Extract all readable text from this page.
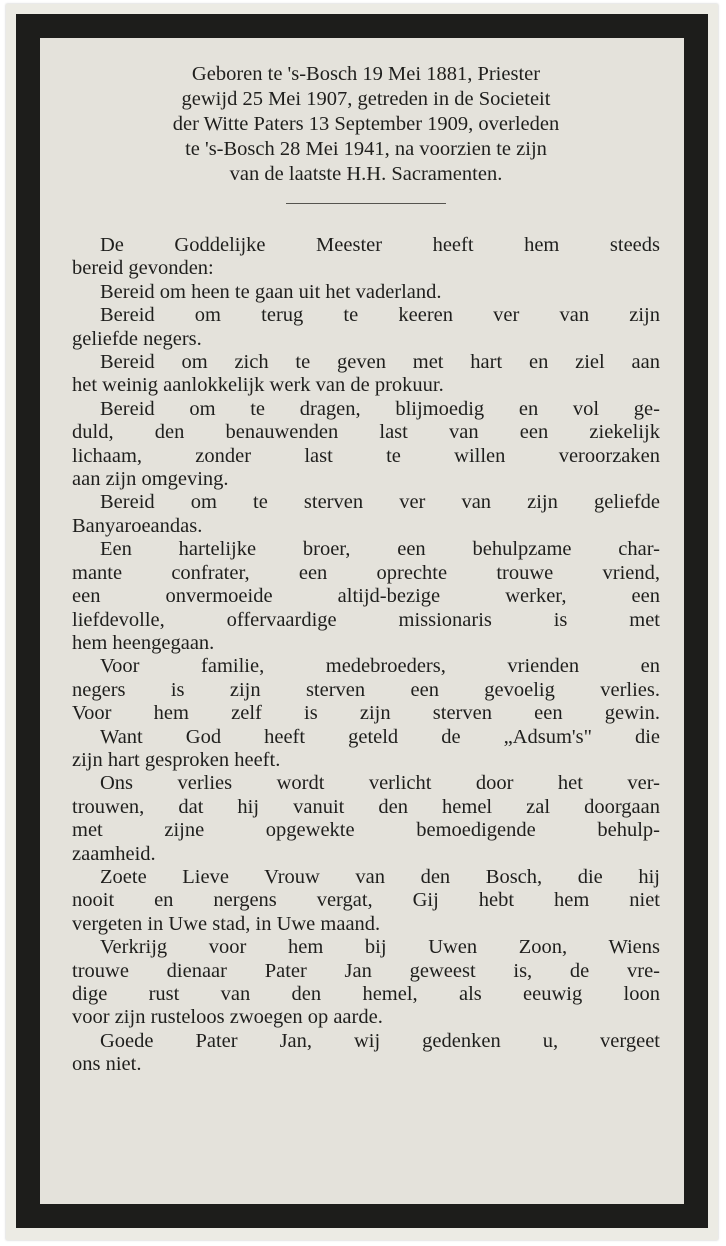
Geboren te 's-Bosch 19 Mei 1881, Priester
gewijd 25 Mei 1907, getreden in de Societeit
der Witte Paters 13 September 1909, overleden
te 's-Bosch 28 Mei 1941, na voorzien te zijn
van de laatste H.H. Sacramenten.
De Goddelijke Meester heeft hem steeds
bereid gevonden:
Bereid om heen te gaan uit het vaderland.
Bereid om terug te keeren ver van zijn
geliefde negers.
Bereid om zich te geven met hart en ziel aan
het weinig aanlokkelijk werk van de prokuur.
Bereid om te dragen, blijmoedig en vol ge-
duld, den benauwenden last van een ziekelijk
lichaam, zonder last te willen veroorzaken
aan zijn omgeving.
Bereid om te sterven ver van zijn geliefde
Banyaroeandas.
Een hartelijke broer, een behulpzame char-
mante confrater, een oprechte trouwe vriend,
een onvermoeide altijd-bezige werker, een
liefdevolle, offervaardige missionaris is met
hem heengegaan.
Voor familie, medebroeders, vrienden en
negers is zijn sterven een gevoelig verlies.
Voor hem zelf is zijn sterven een gewin.
Want God heeft geteld de „Adsum's" die
zijn hart gesproken heeft.
Ons verlies wordt verlicht door het ver-
trouwen, dat hij vanuit den hemel zal doorgaan
met zijne opgewekte bemoedigende behulp-
zaamheid.
Zoete Lieve Vrouw van den Bosch, die hij
nooit en nergens vergat, Gij hebt hem niet
vergeten in Uwe stad, in Uwe maand.
Verkrijg voor hem bij Uwen Zoon, Wiens
trouwe dienaar Pater Jan geweest is, de vre-
dige rust van den hemel, als eeuwig loon
voor zijn rusteloos zwoegen op aarde.
Goede Pater Jan, wij gedenken u, vergeet
ons niet.
